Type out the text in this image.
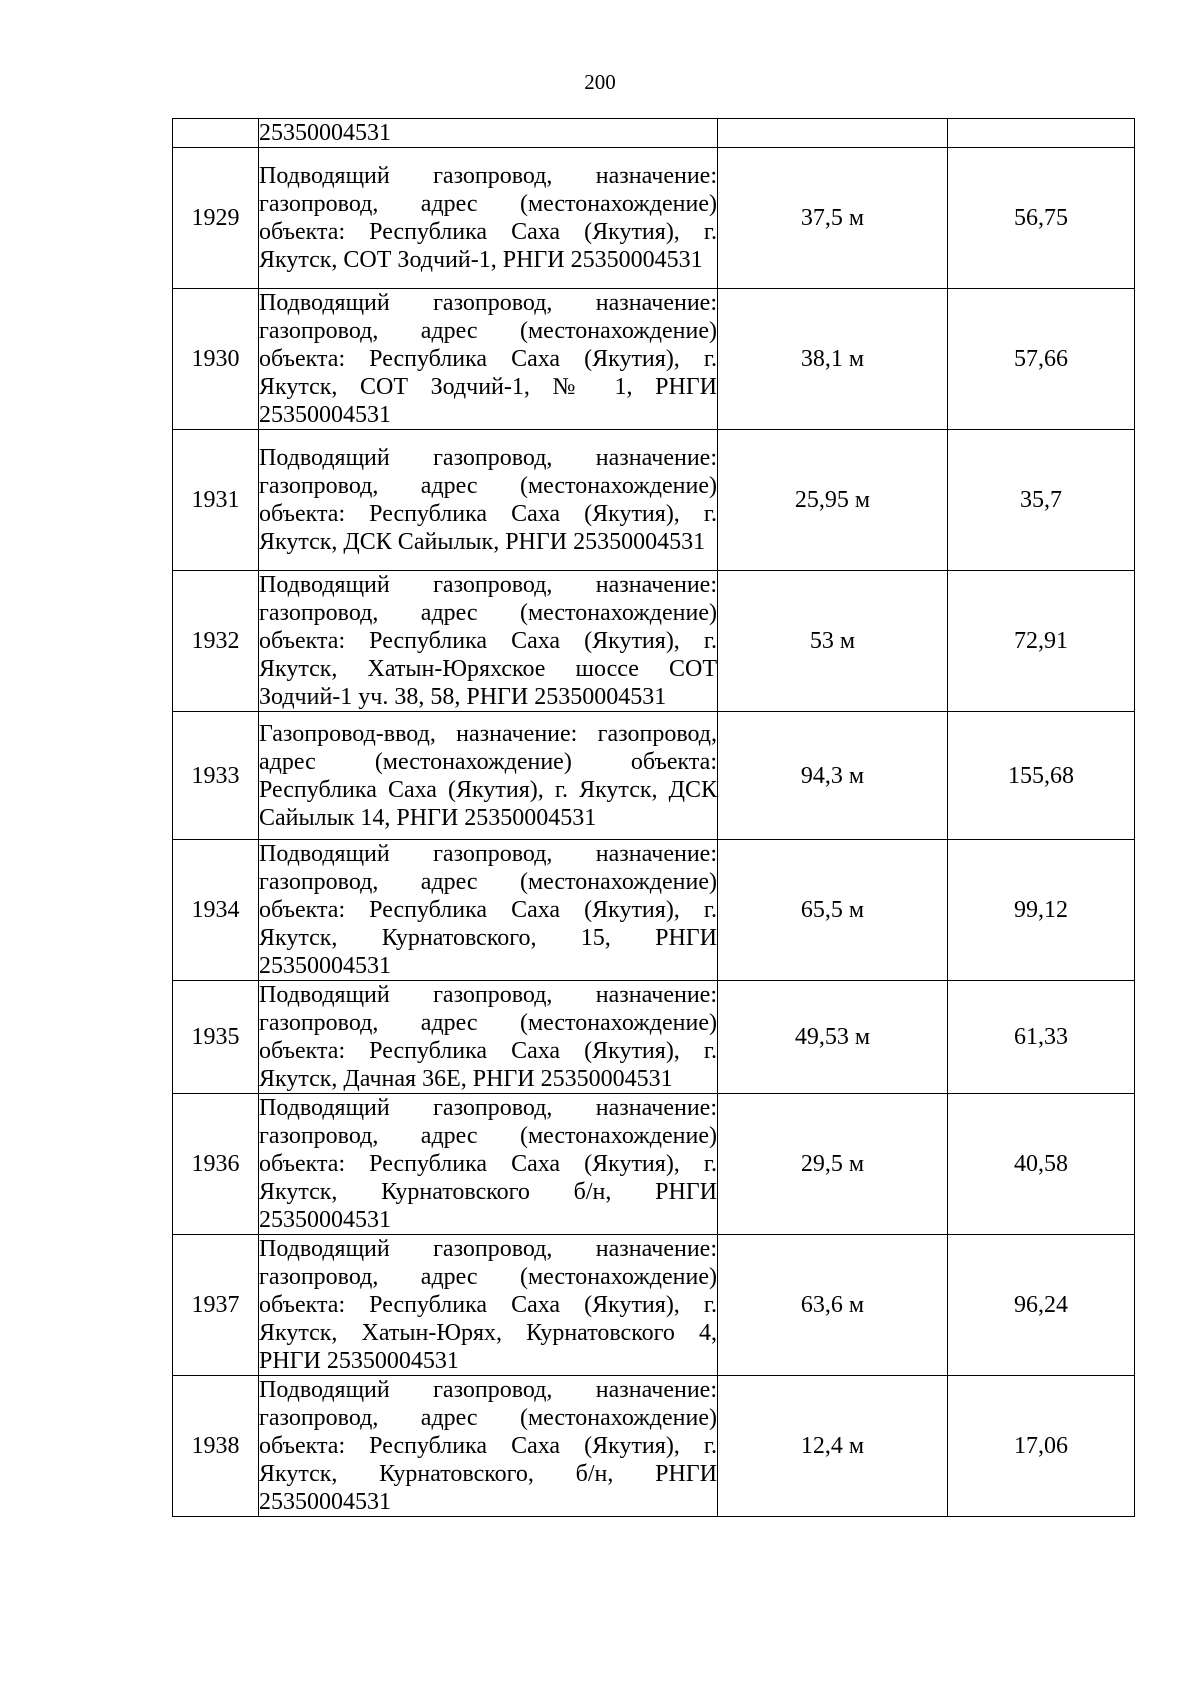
200
	25350004531		
1929	Подводящий газопровод, назначение: газопровод, адрес (местонахождение) объекта: Республика Саха (Якутия), г. Якутск, СОТ Зодчий-1, РНГИ 25350004531	37,5 м	56,75
1930	Подводящий газопровод, назначение: газопровод, адрес (местонахождение) объекта: Республика Саха (Якутия), г. Якутск, СОТ Зодчий-1, № 1, РНГИ 25350004531	38,1 м	57,66
1931	Подводящий газопровод, назначение: газопровод, адрес (местонахождение) объекта: Республика Саха (Якутия), г. Якутск, ДСК Сайылык, РНГИ 25350004531	25,95 м	35,7
1932	Подводящий газопровод, назначение: газопровод, адрес (местонахождение) объекта: Республика Саха (Якутия), г. Якутск, Хатын-Юряхское шоссе СОТ Зодчий-1 уч. 38, 58, РНГИ 25350004531	53 м	72,91
1933	Газопровод-ввод, назначение: газопровод, адрес (местонахождение) объекта: Республика Саха (Якутия), г. Якутск, ДСК Сайылык 14, РНГИ 25350004531	94,3 м	155,68
1934	Подводящий газопровод, назначение: газопровод, адрес (местонахождение) объекта: Республика Саха (Якутия), г. Якутск, Курнатовского, 15, РНГИ 25350004531	65,5 м	99,12
1935	Подводящий газопровод, назначение: газопровод, адрес (местонахождение) объекта: Республика Саха (Якутия), г. Якутск, Дачная 36Е, РНГИ 25350004531	49,53 м	61,33
1936	Подводящий газопровод, назначение: газопровод, адрес (местонахождение) объекта: Республика Саха (Якутия), г. Якутск, Курнатовского б/н, РНГИ 25350004531	29,5 м	40,58
1937	Подводящий газопровод, назначение: газопровод, адрес (местонахождение) объекта: Республика Саха (Якутия), г. Якутск, Хатын-Юрях, Курнатовского 4, РНГИ 25350004531	63,6 м	96,24
1938	Подводящий газопровод, назначение: газопровод, адрес (местонахождение) объекта: Республика Саха (Якутия), г. Якутск, Курнатовского, б/н, РНГИ 25350004531	12,4 м	17,06
